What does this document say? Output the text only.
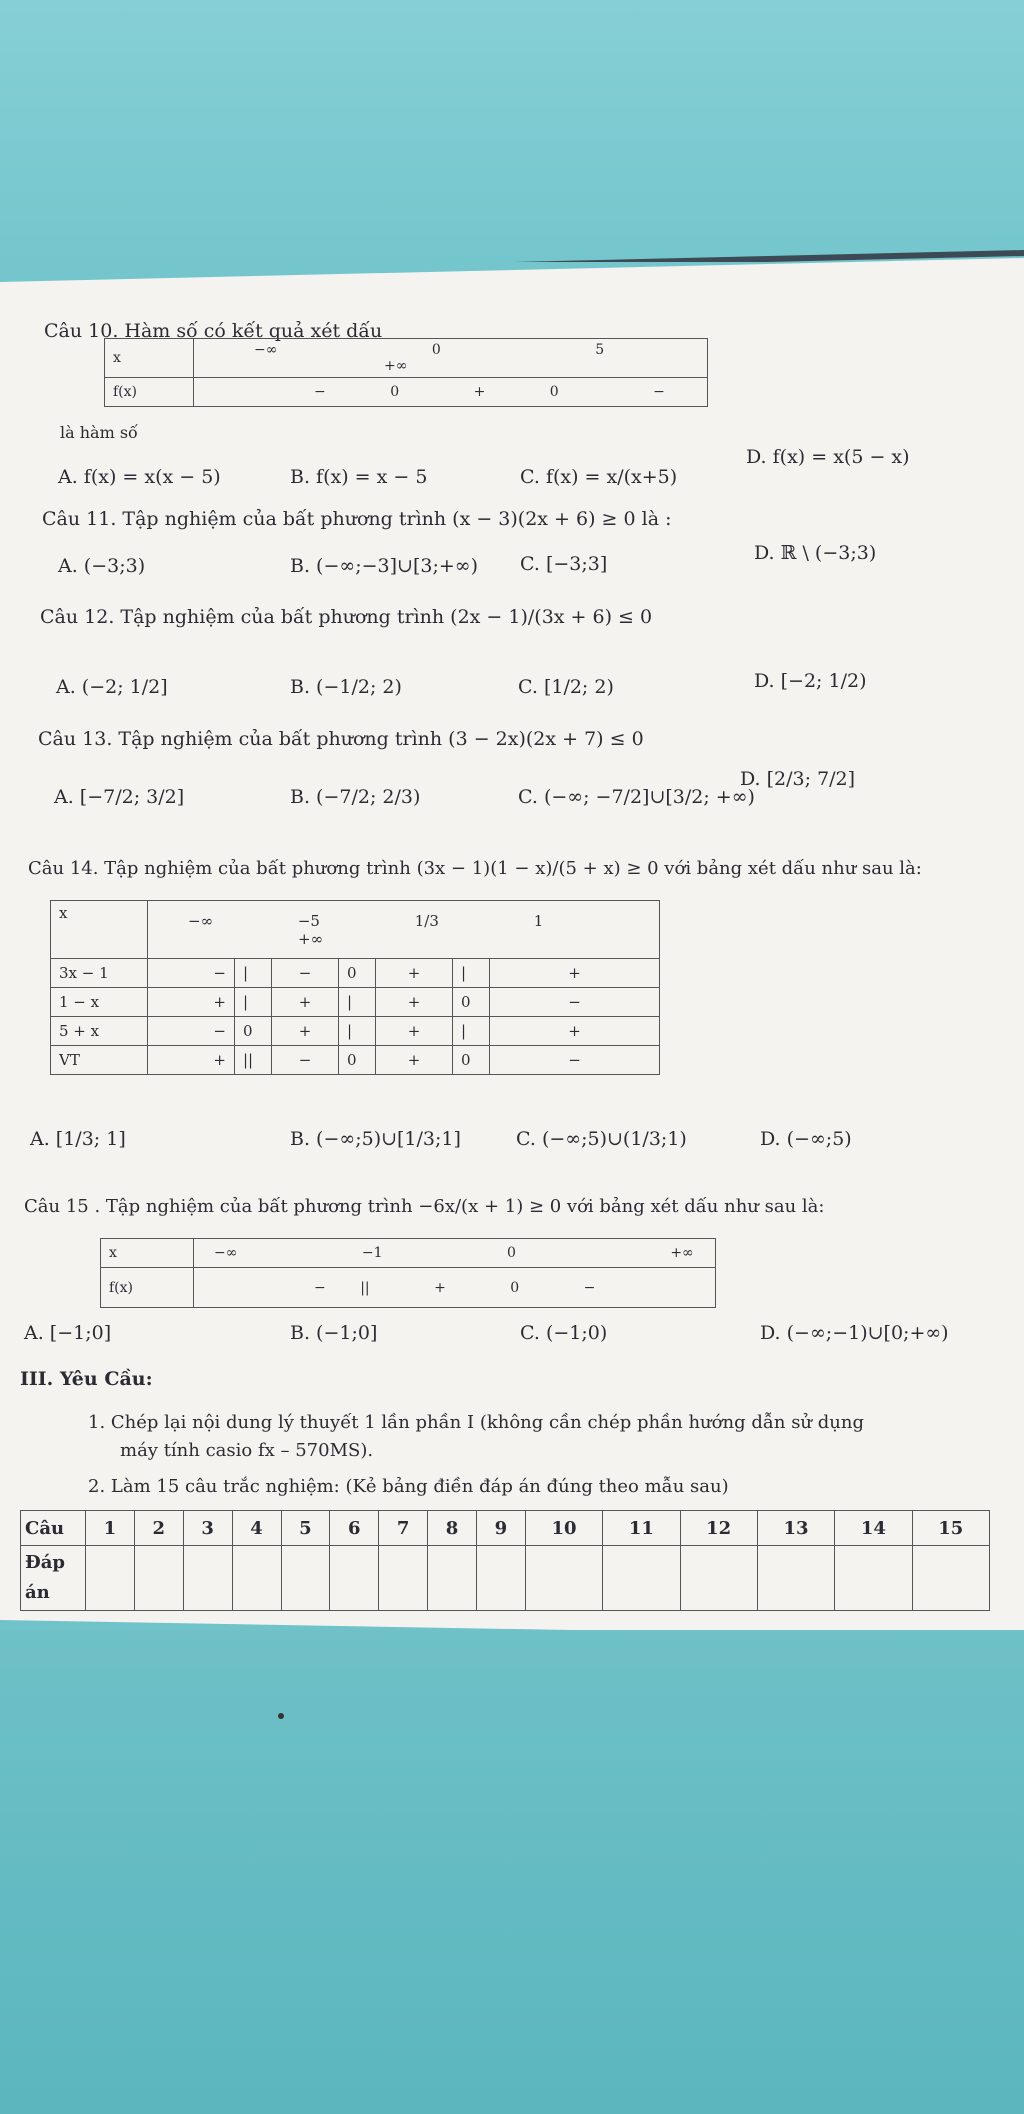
Câu 10. Hàm số có kết quả xét dấu
x	−∞ 0 5 +∞
f(x)	− 0 + 0 −
là hàm số
A. f(x) = x(x − 5)	B. f(x) = x − 5	C. f(x) = x/(x+5)
D. f(x) = x(5 − x)
Câu 11. Tập nghiệm của bất phương trình (x − 3)(2x + 6) ≥ 0 là :
A. (−3;3)	B. (−∞;−3]∪[3;+∞) C. [−3;3]	D. ℝ \ (−3;3)
Câu 12. Tập nghiệm của bất phương trình (2x − 1)/(3x + 6) ≤ 0
A. (−2; 1/2]	B. (−1/2; 2)	C. [1/2; 2)	D. [−2; 1/2)
Câu 13. Tập nghiệm của bất phương trình (3 − 2x)(2x + 7) ≤ 0
A. [−7/2; 3/2]	B. (−7/2; 2/3)	C. (−∞; −7/2]∪[3/2; +∞)
D. [2/3; 7/2]
Câu 14. Tập nghiệm của bất phương trình (3x − 1)(1 − x)/(5 + x) ≥ 0 với bảng xét dấu như sau là:
x	−∞ −5 1/3 1 +∞						
3x − 1	−	|	−	0	+	|	+
1 − x	+	|	+	|	+	0	−
5 + x	−	0	+	|	+	|	+
VT	+	||	−	0	+	0	−
A. [1/3; 1]	B. (−∞;5)∪[1/3;1]	C. (−∞;5)∪(1/3;1)	D. (−∞;5)
Câu 15 . Tập nghiệm của bất phương trình −6x/(x + 1) ≥ 0 với bảng xét dấu như sau là:
x	−∞ −1 0 +∞
f(x)	− || + 0 −
A. [−1;0]	B. (−1;0]	C. (−1;0)	D. (−∞;−1)∪[0;+∞)
III. Yêu Cầu:
1. Chép lại nội dung lý thuyết 1 lần phần I (không cần chép phần hướng dẫn sử dụng
máy tính casio fx – 570MS).
2. Làm 15 câu trắc nghiệm: (Kẻ bảng điền đáp án đúng theo mẫu sau)
Câu	1	2	3	4	5	6	7	8	9	10	11	12	13	14	15
Đáp
án															
